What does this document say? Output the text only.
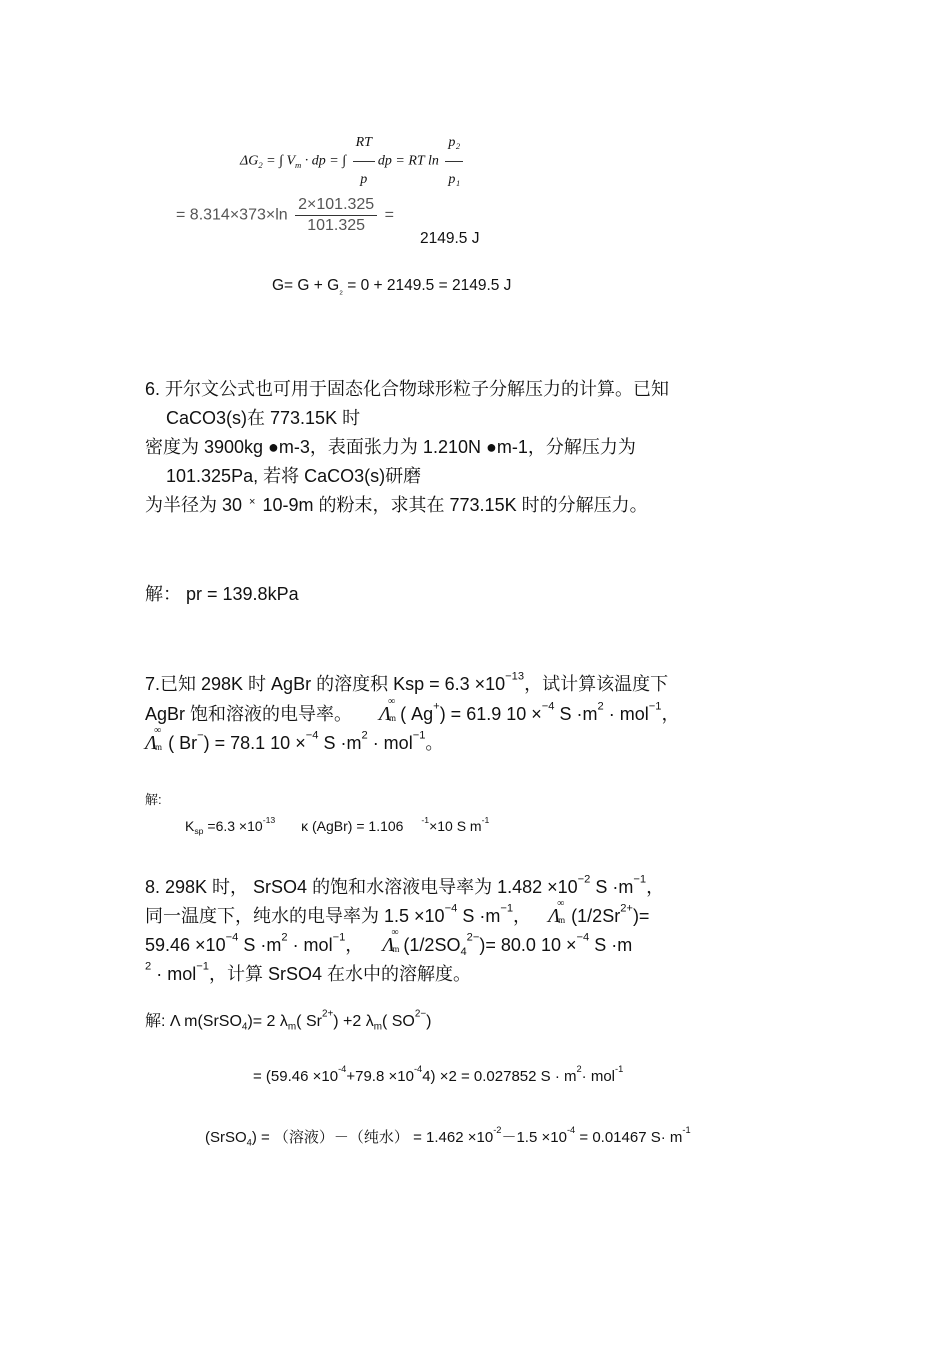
$\Delta G_2$ = ∫ $V_m$ · dp = ∫ $\frac{RT}{p}$ dp = RT $\ln \frac{\text{p₂}}{\text{p₁}}$
= $8.314\times 373\times\ln \frac{2\times 101.325}{101.325}$ =
2149.5 J
$G= G + G_{_2} = 0 + 2149.5 = 2149.5$ J
6. 开尔文公式也可用于固态化合物球形粒子分解压力的计算。已知
CaCO3(s)在 773.15K 时
密度为 3900kg ●m-3，表面张力为 1.210N ●m-1，分解压力为
101.325Pa, 若将 CaCO3(s)研磨
为半径为 30 × 10-9m 的粉末，求其在 773.15K 时的分解压力。
解： pr = 139.8kPa
7.已知 298K 时 AgBr 的溶度积 Ksp = $6.3 \times 10^{-13}$，试计算该温度下
AgBr 饱和溶液的电导率。 Λ
∞
m ( Ag+) = 61.9 10 ×$^{-4}$ $S \cdot m^2 \cdot mol^{-1}$，
Λ
∞
m ( Br−) = 78.1 10 ×$^{-4}$ $S \cdot m^2 \cdot mol^{-1}$。
解:
$K_{sp} =6.3 \times 10^{-13}$ κ (AgBr) = 1.106 $^{-1}$×10 S $m^{-1}$
8. 298K 时， SrSO4 的饱和水溶液电导率为 $1.482 \times 10^{-2}$ $S \cdot m^{-1}$，
同一温度下，纯水的电导率为 $1.5 \times 10^{-4}$ $S \cdot m^{-1}$， Λ
∞
m $(1/2Sr^{2+})=$
$59.46 \times 10^{-4}$ $S \cdot m^2 \cdot mol^{-1}$， Λ
∞
m $(1/2SO_4^{2-})= 80.0$ 10 ×$^{-4}$ S ·m
$^2$ · mol$^{-1}$，计算 SrSO4 在水中的溶解度。
解: Λ m(SrSO$_4$)= 2 $\lambda_m$( $Sr^{2+}) +2$ $\lambda_m$( $SO^{2-}$)
= $(59.46 \times 10^{-4}+79.8 \times 10^{-4}4) \times 2 = 0.027852$ $S \cdot m^2\cdot mol^{-1}$
(SrSO$_4$) = （溶液）－（纯水） = $1.462 \times 10^{-2}-1.5 \times 10^{-4} = 0.01467$ $S\cdot m^{-1}$
